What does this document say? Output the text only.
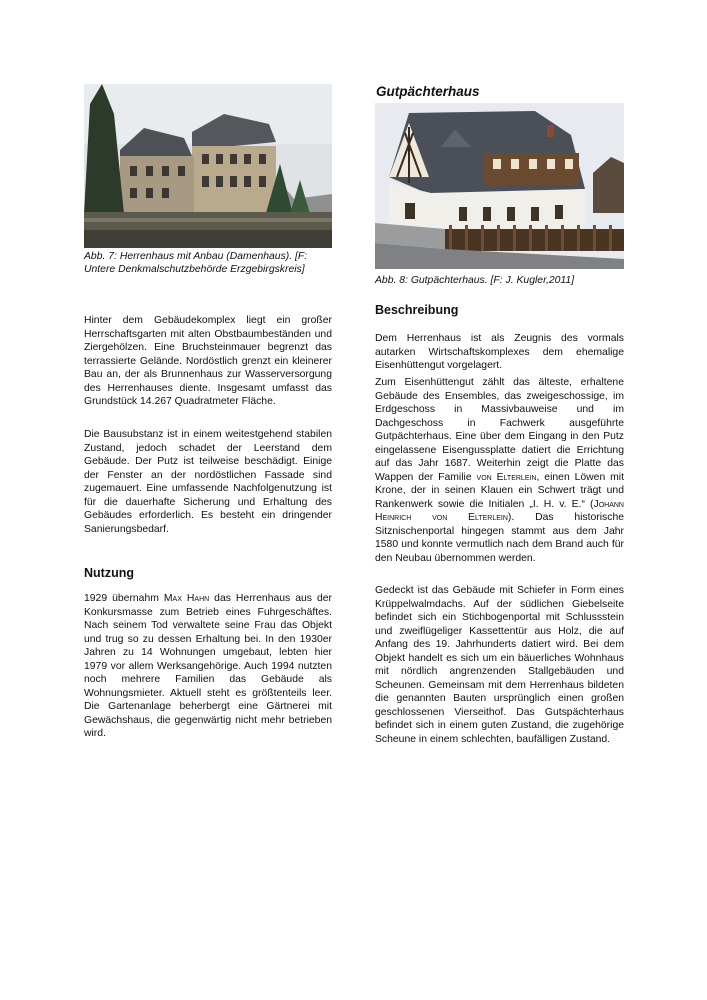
Abb. 7: Herrenhaus mit Anbau (Damenhaus). [F: Untere Denkmalschutzbehörde Erzgebirgskreis]

Hinter dem Gebäudekomplex liegt ein großer Herrschaftsgarten mit alten Obstbaumbeständen und Ziergehölzen. Eine Bruchsteinmauer begrenzt das terrassierte Gelände. Nordöstlich grenzt ein kleinerer Bau an, der als Brunnenhaus zur Wasserversorgung des Herrenhauses diente. Insgesamt umfasst das Grundstück 14.267 Quadratmeter Fläche.

Die Bausubstanz ist in einem weitestgehend stabilen Zustand, jedoch schadet der Leerstand dem Gebäude. Der Putz ist teilweise beschädigt. Einige der Fenster an der nordöstlichen Fassade sind zugemauert. Eine umfassende Nachfolgenutzung ist für die dauerhafte Sicherung und Erhaltung des Gebäudes erforderlich. Es besteht ein dringender Sanierungsbedarf.

Nutzung

1929 übernahm Max Hahn das Herrenhaus aus der Konkursmasse zum Betrieb eines Fuhrgeschäftes. Nach seinem Tod verwaltete seine Frau das Objekt und trug so zu dessen Erhaltung bei. In den 1930er Jahren zu 14 Wohnungen umgebaut, lebten hier 1979 vor allem Werksangehörige. Auch 1994 nutzten noch mehrere Familien das Gebäude als Wohnungsmieter. Aktuell steht es größtenteils leer. Die Gartenanlage beherbergt eine Gärtnerei mit Gewächshaus, die gegenwärtig nicht mehr betrieben wird.

Gutpächterhaus

Abb. 8: Gutpächterhaus. [F: J. Kugler,2011]

Beschreibung

Dem Herrenhaus ist als Zeugnis des vormals autarken Wirtschaftskomplexes dem ehemalige Eisenhüttengut vorgelagert.

Zum Eisenhüttengut zählt das älteste, erhaltene Gebäude des Ensembles, das zweigeschossige, im Erdgeschoss in Massivbauweise und im Dachgeschoss in Fachwerk ausgeführte Gutpächterhaus. Eine über dem Eingang in den Putz eingelassene Eisengussplatte datiert die Errichtung auf das Jahr 1687. Weiterhin zeigt die Platte das Wappen der Familie von Elterlein, einen Löwen mit Krone, der in seinen Klauen ein Schwert trägt und Rankenwerk sowie die Initialen „I. H. v. E.“ (Johann Heinrich von Elterlein). Das historische Sitznischenportal hingegen stammt aus dem Jahr 1580 und konnte vermutlich nach dem Brand auch für den Neubau übernommen werden.

Gedeckt ist das Gebäude mit Schiefer in Form eines Krüppelwalmdachs. Auf der südlichen Giebelseite befindet sich ein Stichbogenportal mit Schlussstein und zweiflügeliger Kassettentür aus Holz, die auf Anfang des 19. Jahrhunderts datiert wird. Bei dem Objekt handelt es sich um ein bäuerliches Wohnhaus mit nördlich angrenzenden Stallgebäuden und Scheunen. Gemeinsam mit dem Herrenhaus bildeten die genannten Bauten ursprünglich einen großen geschlossenen Vierseithof. Das Gutspächterhaus befindet sich in einem guten Zustand, die zugehörige Scheune in einem schlechten, baufälligen Zustand.
